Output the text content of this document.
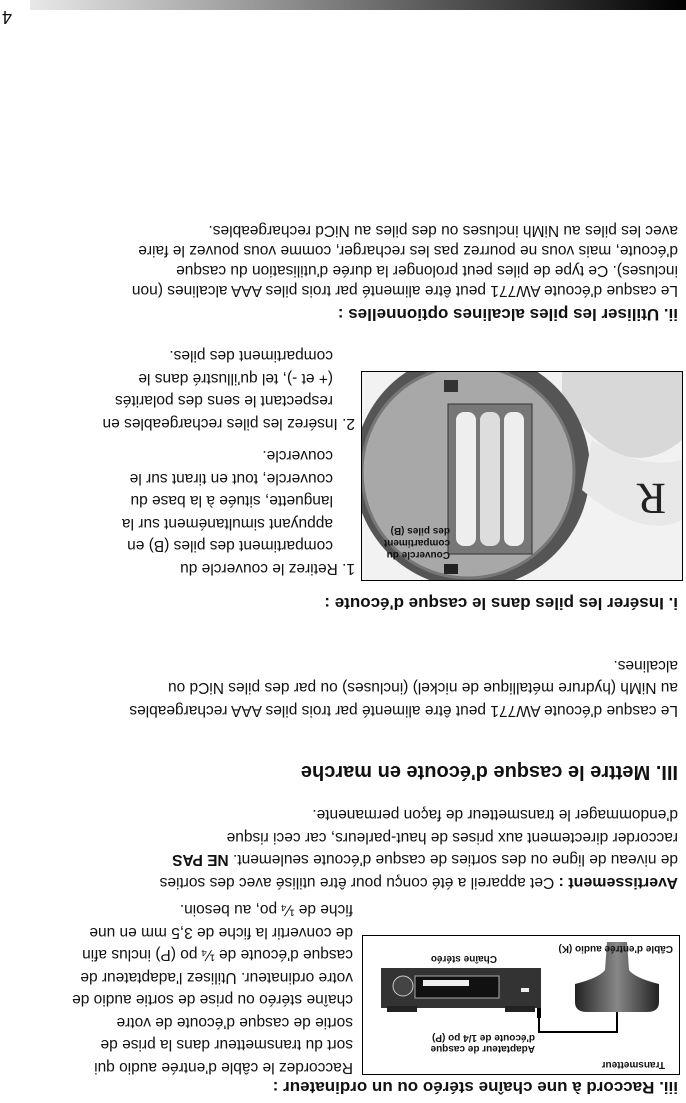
iii. Raccord à une chaîne stéréo ou un ordinateur :
Transmetteur
Chaîne stéréo
Câble d'entrée audio (K)
Adaptateur de casque
d'écoute de 1/4 po (P)
Raccordez le câble d'entrée audio qui
sort du transmetteur dans la prise de
sortie de casque d'écoute de votre
chaîne stéréo ou prise de sortie audio de
votre ordinateur. Utilisez l'adaptateur de
casque d'écoute de ¼ po (P) inclus afin
de convertir la fiche de 3,5 mm en une
fiche de ¼ po, au besoin.
Avertissement : Cet appareil a été conçu pour être utilisé avec des sorties
de niveau de ligne ou des sorties de casque d'écoute seulement. NE PAS
raccorder directement aux prises de haut-parleurs, car ceci risque
d'endommager le transmetteur de façon permanente.
III. Mettre le casque d'écoute en marche
Le casque d'écoute AW771 peut être alimenté par trois piles AAA rechargeables
au NiMh (hydrure métallique de nickel) (incluses) ou par des piles NiCd ou
alcalines.
i. Insérer les piles dans le casque d'écoute :
R
Couvercle du
compartiment
des piles (B)
1. Retirez le couvercle du
compartiment des piles (B) en
appuyant simultanément sur la
languette, située à la base du
couvercle, tout en tirant sur le
couvercle.
2. Insérez les piles rechargeables en
respectant le sens des polarités
(+ et -), tel qu'illustré dans le
compartiment des piles.
ii. Utiliser les piles alcalines optionnelles :
Le casque d'écoute AW771 peut être alimenté par trois piles AAA alcalines (non
incluses). Ce type de piles peut prolonger la durée d'utilisation du casque
d'écoute, mais vous ne pourrez pas les recharger, comme vous pouvez le faire
avec les piles au NiMh incluses ou des piles au NiCd rechargeables.
4
